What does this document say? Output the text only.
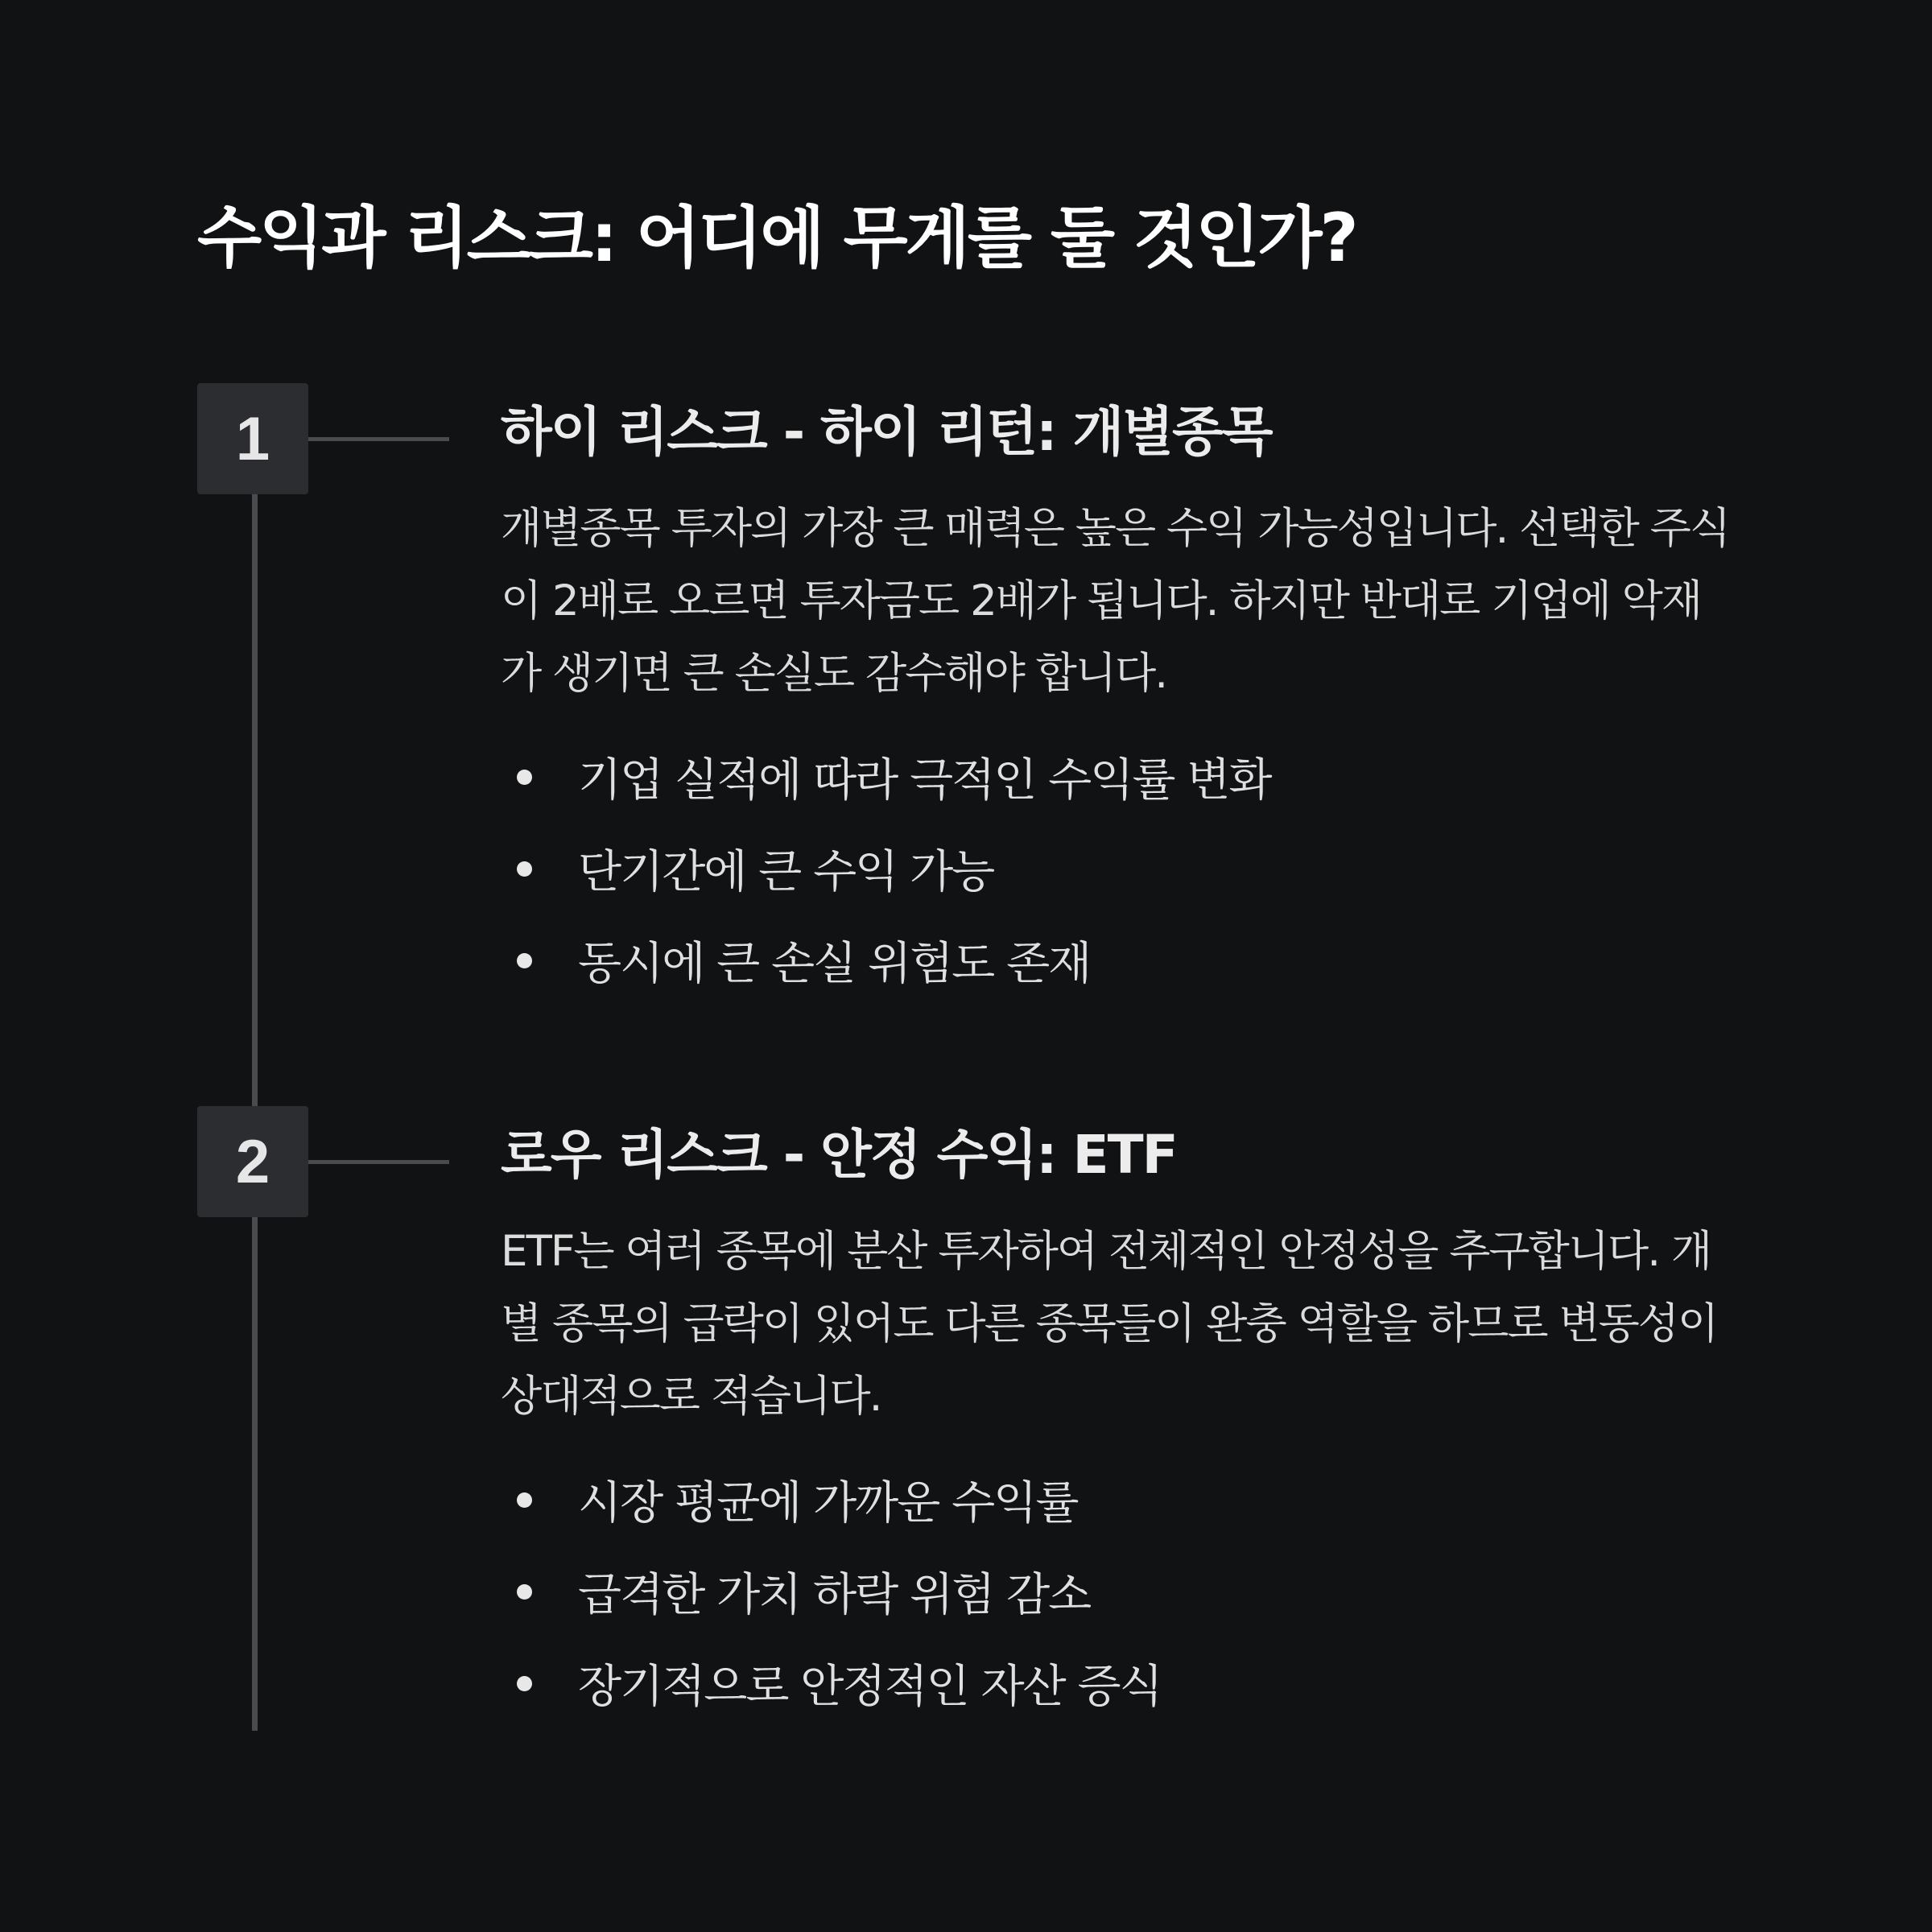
수익과 리스크: 어디에 무게를 둘 것인가?
1
2
하이 리스크 - 하이 리턴: 개별종목

개별종목 투자의 가장 큰 매력은 높은 수익 가능성입니다. 선택한 주식이 2배로 오르면 투자금도 2배가 됩니다. 하지만 반대로 기업에 악재가 생기면 큰 손실도 감수해야 합니다.

기업 실적에 따라 극적인 수익률 변화
단기간에 큰 수익 가능
동시에 큰 손실 위험도 존재
로우 리스크 - 안정 수익: ETF

ETF는 여러 종목에 분산 투자하여 전체적인 안정성을 추구합니다. 개별 종목의 급락이 있어도 다른 종목들이 완충 역할을 하므로 변동성이 상대적으로 적습니다.

시장 평균에 가까운 수익률
급격한 가치 하락 위험 감소
장기적으로 안정적인 자산 증식
